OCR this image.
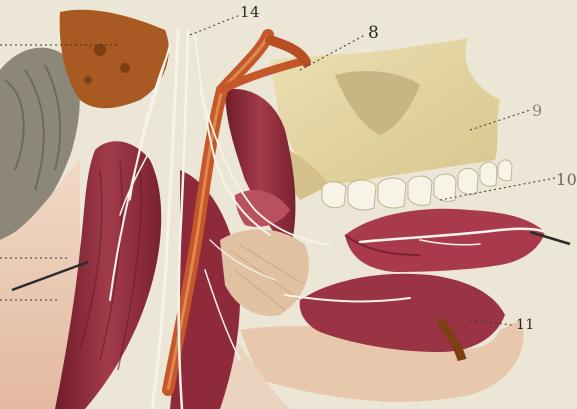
14
8
9
10
11
